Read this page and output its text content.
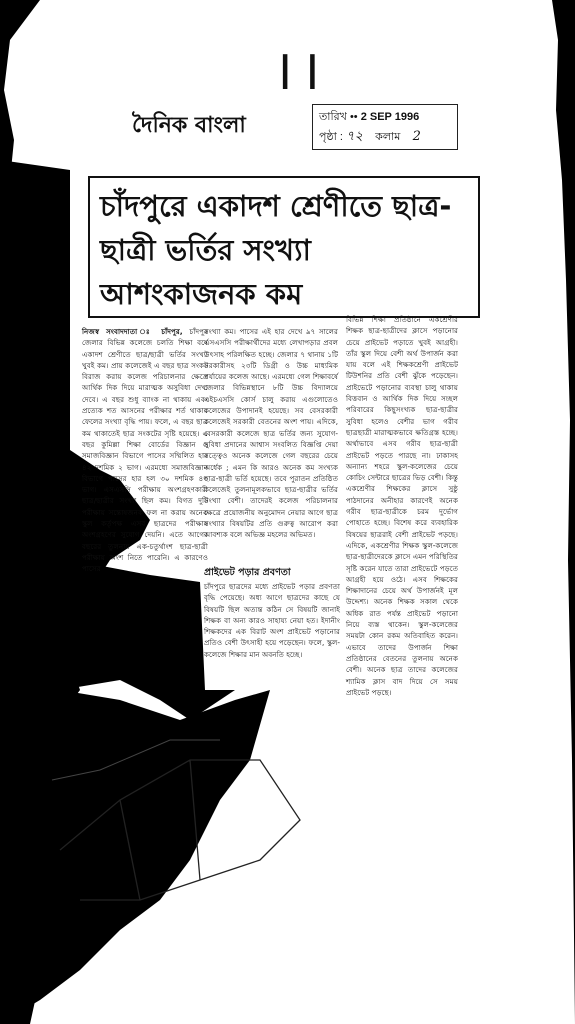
।।
দৈনিক বাংলা	তারিখ •• 2 SEP 1996
পৃষ্ঠা : ৭২ কলাম 2

চাঁদপুরে একাদশ শ্রেণীতে ছাত্র-ছাত্রী ভর্তির সংখ্যা আশংকাজনক কম

নিজস্ব সংবাদদাতা ঃ চাঁদপুর, চাঁদপুর জেলার বিভিন্ন কলেজে চলতি শিক্ষা বর্ষে একাদশ শ্রেণীতে ছাত্র/ছাত্রী ভর্তির সংখ্যা খুবই কম। প্রায় কলেজেই এ বছর ছাত্র সংকট বিরাজ করায় কলেজ পরিচালনার ক্ষেত্রে আর্থিক দিক দিয়ে মারাত্মক অসুবিধা দেখা দেবে। এ বছর শুধু ব্যাংক না থাকায় এবং প্রত্যেক শত আসনের পরীক্ষার শর্ত থাকায় ফেলের সংখ্যা বৃদ্ধি পায়। ফলে, এ বছর ছাত্র কম থাকাতেই ছাত্র সংকটের সৃষ্টি হয়েছে। এ বছর কুমিল্লা শিক্ষা বোর্ডের বিজ্ঞান ও সমাজবিজ্ঞান বিভাগে পাসের সম্মিলিত হার ৪২ দশমিক ২ ভাগ। এরমধ্যে সমাজবিজ্ঞান বিভাগে পাসের হার হল ৩০ দশমিক ৪৩ ভাগ। এসএসসি পরীক্ষায় অংশগ্রহণকারী ছাত্র/ছাত্রীর সংখ্যা ছিল কম। বিগত দুটি পরীক্ষায় সন্তোষজনক ফল না করায় অনেক স্কুল কর্তৃপক্ষ এসব ছাত্রদের পরীক্ষায় অংশগ্রহণের সুযোগ দেয়নি। এতে আগের বছরের তুলনায় এক-চতুর্থাংশ ছাত্র-ছাত্রী পরীক্ষায় অংশ নিতে পারেনি। এ কারণেও পাসের
সংখ্যা কম। পাসের এই হার দেখে ৯৭ সালের এসএসসি পরীক্ষার্থীদের মধ্যে লেখাপড়ার প্রবল উৎসাহ পরিলক্ষিত হচ্ছে। জেলার ৭ থানায় ১টি সরকারীসহ ২৩টি ডিগ্রী ও উচ্চ মাধ্যমিক পর্যায়ের কলেজ আছে। এরমধ্যে গেল শিক্ষাবর্ষে জেলার বিভিন্নস্থানে ৮টি উচ্চ বিদ্যালয়ে এইচএসসি কোর্স চালু করায় এগুলোতেও কলেজের উপাদানই হয়েছে। সব বেসরকারী কলেজেই সরকারী বেতনের অংশ পায়। এদিকে, বেসরকারী কলেজে ছাত্র ভর্তির জন্য সুযোগ-সুবিধা প্রদানের আশ্বাস সংবলিত বিজ্ঞপ্তি দেয়া সত্ত্বেও অনেক কলেজে গেল বছরের চেয়ে অর্ধেক ; এমন কি আরও অনেক কম সংখ্যক ছাত্র-ছাত্রী ভর্তি হয়েছে। তবে পুরাতন প্রতিষ্ঠিত কলেজেই তুলনামূলকভাবে ছাত্র-ছাত্রীর ভর্তির সংখ্যা বেশী। তাদেরই কলেজ পরিচালনার ক্ষেত্রে প্রয়োজনীয় অনুমোদন নেয়ার আগে ছাত্র সংখ্যার বিষয়টির প্রতি গুরুত্ব আরোপ করা আবশ্যক বলে অভিজ্ঞ মহলের অভিমত।
বিভিন্ন শিক্ষা প্রতিষ্ঠানে একশ্রেণীর শিক্ষক ছাত্র-ছাত্রীদের ক্লাসে পড়ানোর চেয়ে প্রাইভেট পড়াতে খুবই আগ্রহী। তাঁর স্কুল দিয়ে বেশী অর্থ উপার্জন করা যায় বলে এই শিক্ষকশ্রেণী প্রাইভেট টিউশনির প্রতি বেশী ঝুঁকে পড়েছেন। প্রাইভেটে পড়ানোর ব্যবস্থা চালু থাকায় বিত্তবান ও আর্থিক দিক দিয়ে সচ্ছল পরিবারের কিছুসংখ্যক ছাত্র-ছাত্রীর সুবিধা হলেও বেশীর ভাগ গরীব ছাত্রছাত্রী মারাত্মকভাবে ক্ষতিগ্রস্ত হচ্ছে। অর্থাভাবে এসব গরীব ছাত্র-ছাত্রী প্রাইভেট পড়তে পারছে না। ঢাকাসহ অন্যান্য শহরে স্কুল-কলেজের চেয়ে কোচিং সেন্টারে ছাত্রের ভিড় বেশী। কিন্তু একশ্রেণীর শিক্ষকের ক্লাসে সুষ্ঠু পাঠদানের অনীহার কারণেই অনেক গরীব ছাত্র-ছাত্রীকে চরম দুর্ভোগ পোহাতে হচ্ছে। বিশেষ করে ব্যবহারিক বিষয়ের ছাত্ররাই বেশী প্রাইভেট পড়ছে। এদিকে, একশ্রেণীর শিক্ষক স্কুল-কলেজে ছাত্র-ছাত্রীদেরকে ক্লাসে এমন পরিস্থিতির সৃষ্টি করেন যাতে তারা প্রাইভেটে পড়তে আগ্রহী হয়ে ওঠে। এসব শিক্ষকের শিক্ষাদানের চেয়ে অর্থ উপার্জনই মূল উদ্দেশ্য। অনেক শিক্ষক সকাল থেকে অধিক রাত পর্যন্ত প্রাইভেট পড়ানো নিয়ে ব্যস্ত থাকেন। স্কুল-কলেজের সময়টা কোন রকম অতিবাহিত করেন। এভাবে তাদের উপার্জন শিক্ষা প্রতিষ্ঠানের বেতনের তুলনায় অনেক বেশী। অনেক ছাত্র তাদের কলেজের শ্যামিক ক্লাস বাদ দিয়ে সে সময় প্রাইভেট পড়ছে।
প্রাইভেট পড়ার প্রবণতা
চাঁদপুরে ছাত্রদের মধ্যে প্রাইভেট পড়ার প্রবণতা বৃদ্ধি পেয়েছে। অধ্য আগে ছাত্রদের কাছে যে বিষয়টি ছিল অত্যন্ত কঠিন সে বিষয়টি জানাই শিক্ষক বা অন্য কারও সাহায্য নেয়া হত। ইদানীং শিক্ষকদের এক বিরাট অংশ প্রাইভেট পড়ানোর প্রতিও বেশী উৎসাহী হয়ে পড়েছেন। ফলে, স্কুল-কলেজে শিক্ষার মান অবনতি হচ্ছে।
